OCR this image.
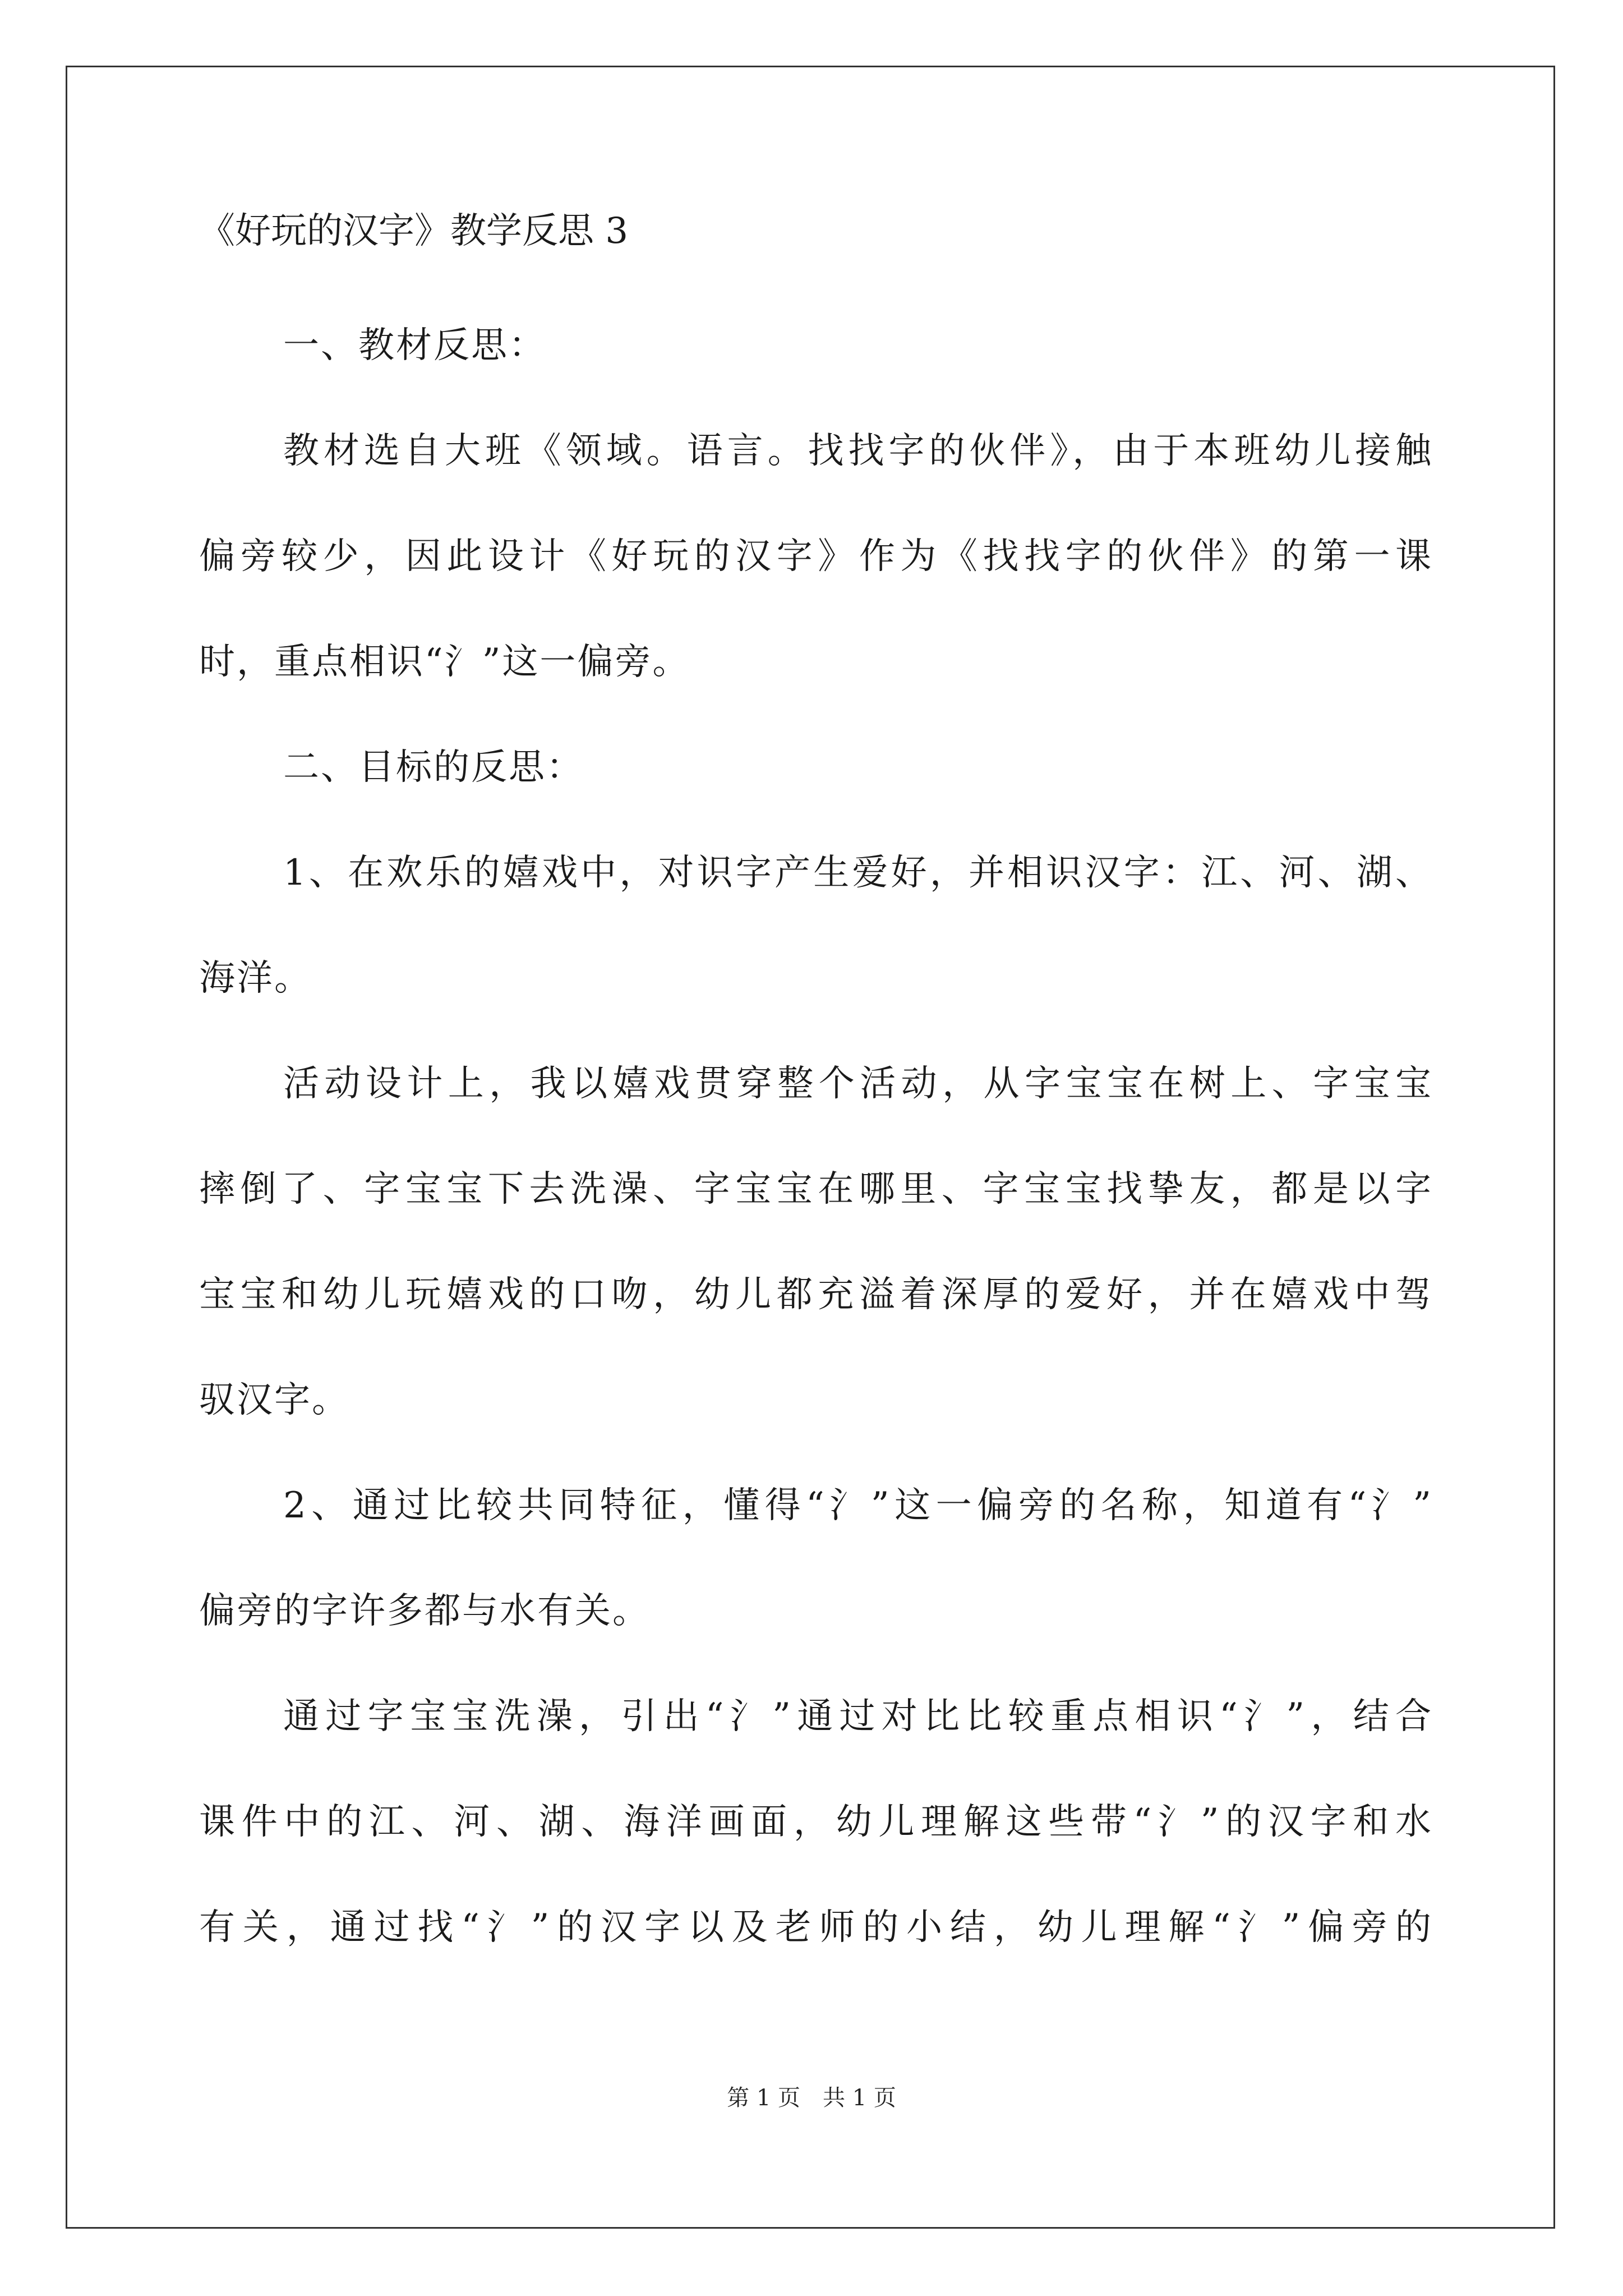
《好玩的汉字》教学反思 3

一、教材反思：

教材选自大班《领域。语言。找找字的伙伴》，由于本班幼儿接触
偏旁较少，因此设计《好玩的汉字》作为《找找字的伙伴》的第一课
时，重点相识“氵”这一偏旁。

二、目标的反思：

1、在欢乐的嬉戏中，对识字产生爱好，并相识汉字：江、河、湖、
海洋。

活动设计上，我以嬉戏贯穿整个活动，从字宝宝在树上、字宝宝
摔倒了、字宝宝下去洗澡、字宝宝在哪里、字宝宝找挚友，都是以字
宝宝和幼儿玩嬉戏的口吻，幼儿都充溢着深厚的爱好，并在嬉戏中驾
驭汉字。

2、通过比较共同特征，懂得“氵”这一偏旁的名称，知道有“氵”
偏旁的字许多都与水有关。

通过字宝宝洗澡，引出“氵”通过对比比较重点相识“氵”，结合
课件中的江、河、湖、海洋画面，幼儿理解这些带“氵”的汉字和水
有关，通过找“氵”的汉字以及老师的小结，幼儿理解“氵”偏旁的

第 1 页 共 1 页
